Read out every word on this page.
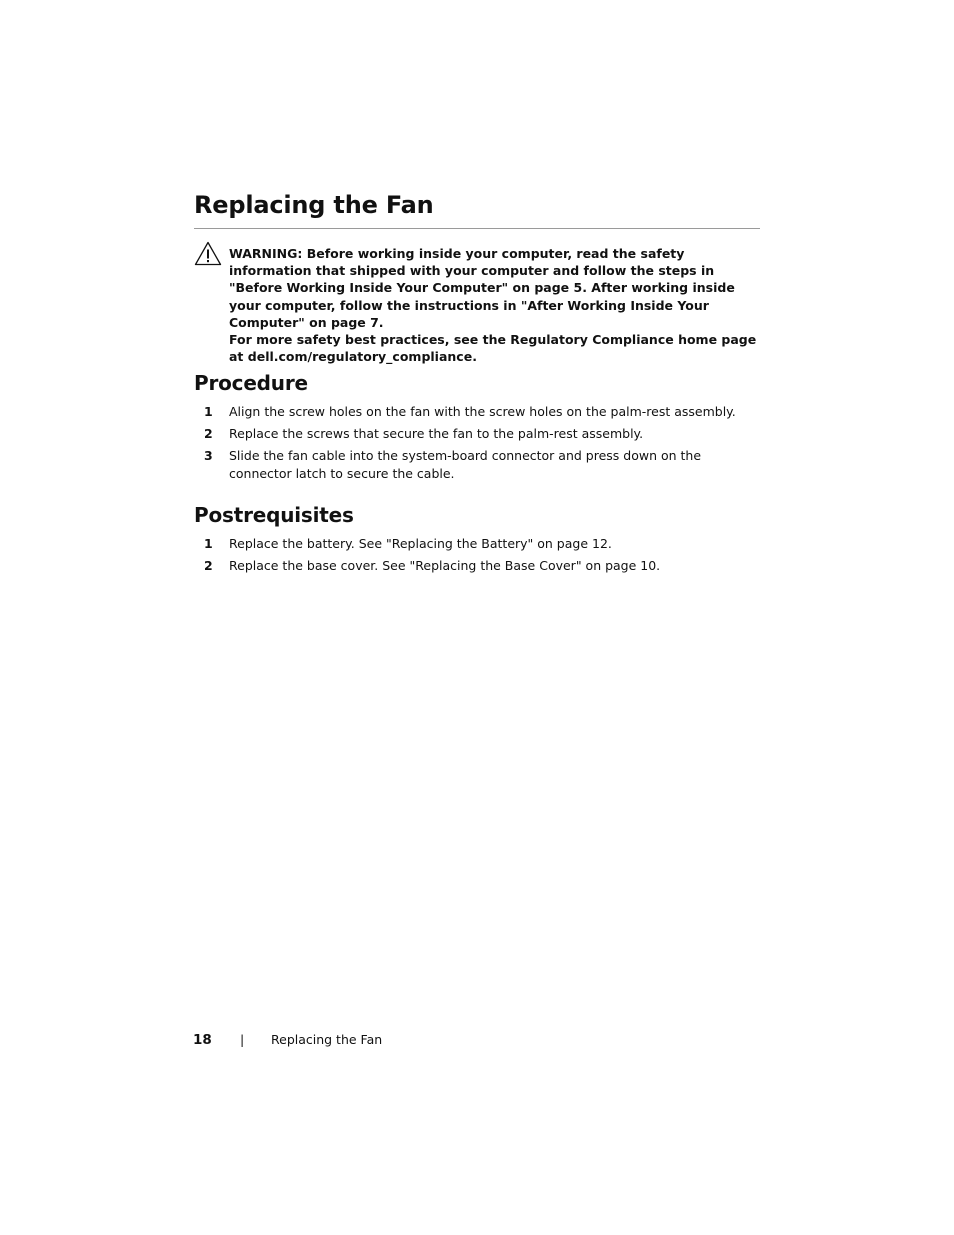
Replacing the Fan

WARNING: Before working inside your computer, read the safety information that shipped with your computer and follow the steps in "Before Working Inside Your Computer" on page 5. After working inside your computer, follow the instructions in "After Working Inside Your Computer" on page 7.

For more safety best practices, see the Regulatory Compliance home page at dell.com/regulatory_compliance.

Procedure
1 Align the screw holes on the fan with the screw holes on the palm-rest assembly.
2 Replace the screws that secure the fan to the palm-rest assembly.
3 Slide the fan cable into the system-board connector and press down on the connector latch to secure the cable.
Postrequisites
1 Replace the battery. See "Replacing the Battery" on page 12.
2 Replace the base cover. See "Replacing the Base Cover" on page 10.
18 | Replacing the Fan
